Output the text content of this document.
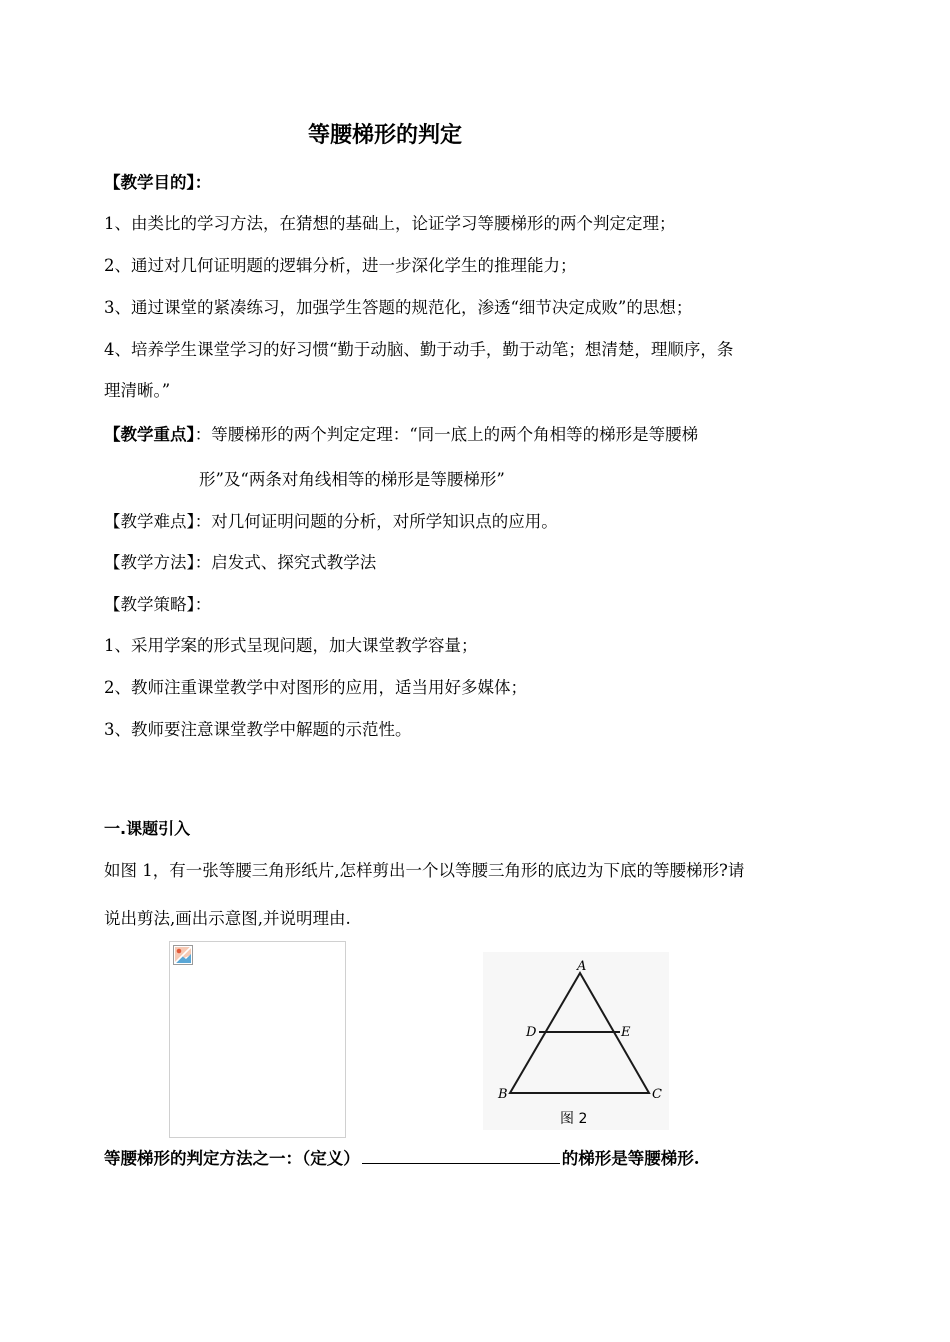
等腰梯形的判定
【教学目的】：
1、由类比的学习方法，在猜想的基础上，论证学习等腰梯形的两个判定定理；
2、通过对几何证明题的逻辑分析，进一步深化学生的推理能力；
3、通过课堂的紧凑练习，加强学生答题的规范化，渗透“细节决定成败”的思想；
4、培养学生课堂学习的好习惯“勤于动脑、勤于动手，勤于动笔；想清楚，理顺序，条
理清晰。”
【教学重点】：等腰梯形的两个判定定理：“同一底上的两个角相等的梯形是等腰梯
形”及“两条对角线相等的梯形是等腰梯形”
【教学难点】：对几何证明问题的分析，对所学知识点的应用。
【教学方法】：启发式、探究式教学法
【教学策略】：
1、采用学案的形式呈现问题，加大课堂教学容量；
2、教师注重课堂教学中对图形的应用，适当用好多媒体；
3、教师要注意课堂教学中解题的示范性。
一.课题引入
如图 1，有一张等腰三角形纸片,怎样剪出一个以等腰三角形的底边为下底的等腰梯形?请
说出剪法,画出示意图,并说明理由.
A
D	E
B	C
图 2
等腰梯形的判定方法之一：（定义）	的梯形是等腰梯形.
